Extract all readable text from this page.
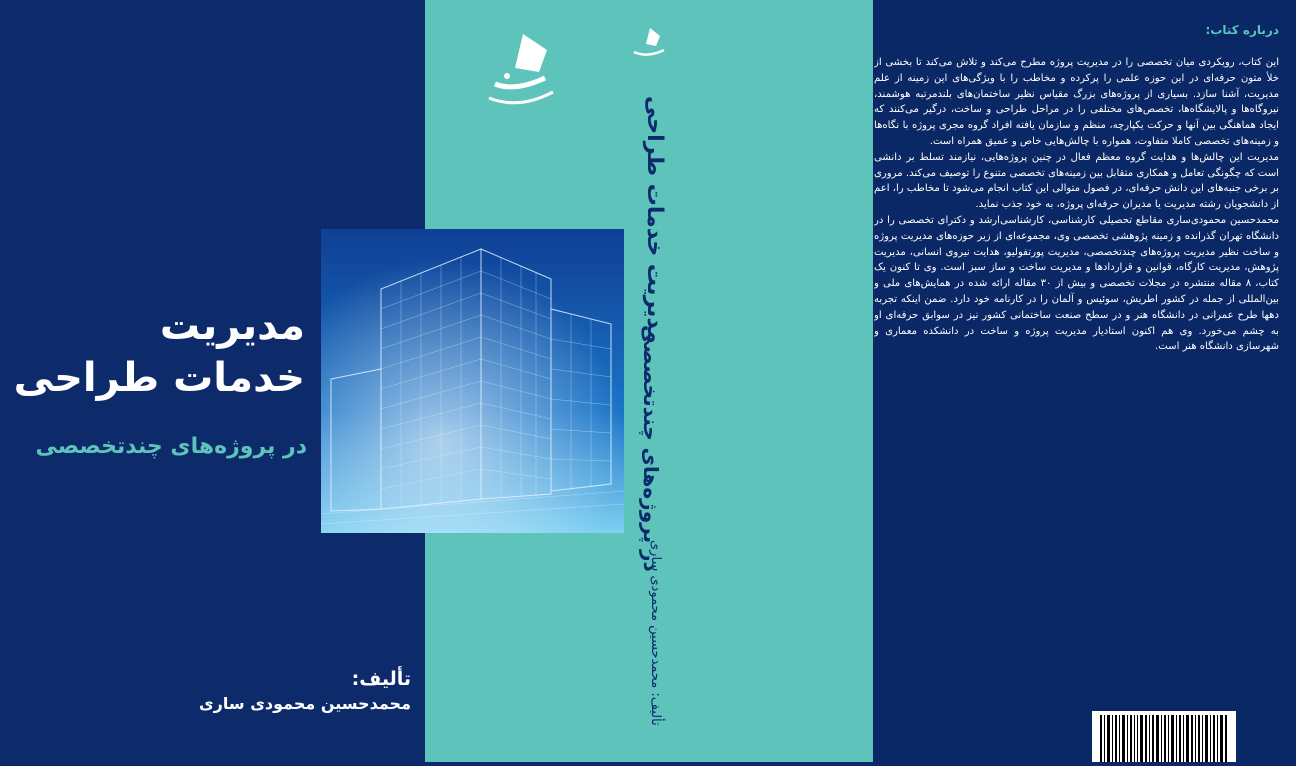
مدیریت
خدمات طراحی
در پروژه‌های چندتخصصی
تألیف:
محمدحسین محمودی ساری
مدیریت خدمات طراحی
در پروژه‌های چندتخصصی
تألیف: محمدحسین محمودی ساری
درباره کتاب:

این کتاب، رویکردی میان تخصصی را در مدیریت پروژه مطرح می‌کند و تلاش می‌کند تا بخشی از خلأ متون حرفه‌ای در این حوزه علمی را پرکرده و مخاطب را با ویژگی‌های این زمینه از علم مدیریت، آشنا سازد. بسیاری از پروژه‌های بزرگ مقیاس نظیر ساختمان‌های بلندمرتبه هوشمند، نیروگاه‌ها و پالایشگاه‌ها، تخصص‌های مختلفی را در مراحل طراحی و ساخت، درگیر می‌کنند که ایجاد هماهنگی بین آنها و حرکت یکپارچه، منظم و سازمان یافته افراد گروه مجری پروژه با نگاه‌ها و زمینه‌های تخصصی کاملا متفاوت، همواره با چالش‌هایی خاص و عمیق همراه است.

مدیریت این چالش‌ها و هدایت گروه معظم فعال در چنین پروژه‌هایی، نیازمند تسلط بر دانشی است که چگونگی تعامل و همکاری متقابل بین زمینه‌های تخصصی متنوع را توصیف می‌کند. مروری بر برخی جنبه‌های این دانش حرفه‌ای، در فصول متوالی این کتاب انجام می‌شود تا مخاطب را، اعم از دانشجویان رشته مدیریت یا مدیران حرفه‌ای پروژه، به خود جذب نماید.

محمدحسین محمودی‌ساری مقاطع تحصیلی کارشناسی، کارشناسی‌ارشد و دکترای تخصصی را در دانشگاه تهران گذرانده و زمینه پژوهشی تخصصی وی، مجموعه‌ای از زیر حوزه‌های مدیریت پروژه و ساخت نظیر مدیریت پروژه‌های چندتخصصی، مدیریت پورتفولیو، هدایت نیروی انسانی، مدیریت پژوهش، مدیریت کارگاه، قوانین و قراردادها و مدیریت ساخت و ساز سبز است. وی تا کنون یک کتاب، ۸ مقاله منتشره در مجلات تخصصی و بیش از ۳۰ مقاله ارائه شده در همایش‌های ملی و بین‌المللی از جمله در کشور اطریش، سوئیس و آلمان را در کارنامه خود دارد. ضمن اینکه تجربه دهها طرح عمرانی در دانشگاه هنر و در سطح صنعت ساختمانی کشور نیز در سوابق حرفه‌ای او به چشم می‌خورد. وی هم اکنون استادیار مدیریت پروژه و ساخت در دانشکده معماری و شهرسازی دانشگاه هنر است.
